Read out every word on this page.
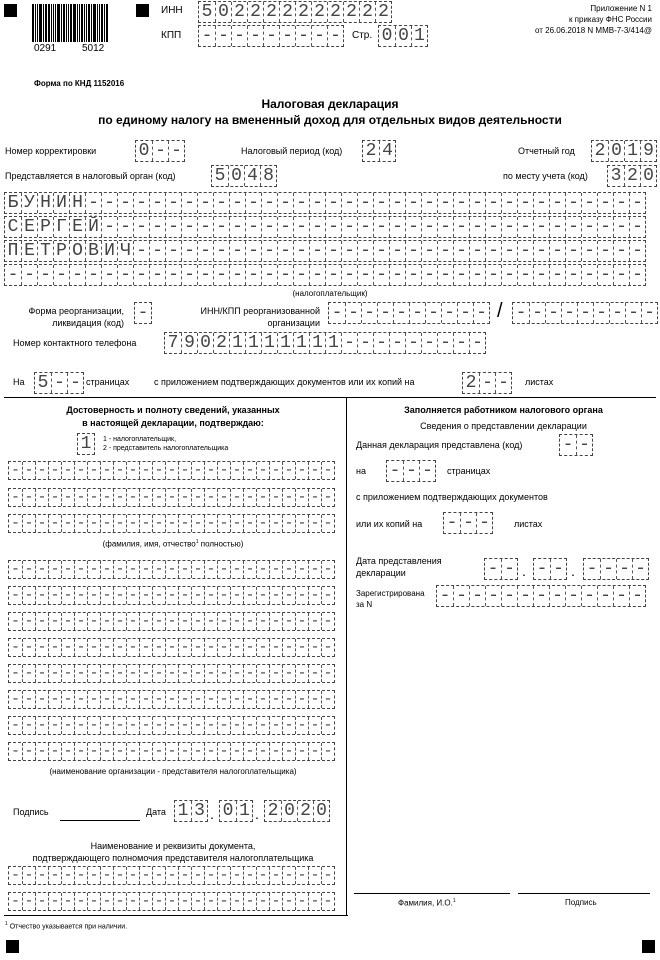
0291	5012
ИНН 5 0 2 2 2 2 2 2 2 2 2 2
КПП - - - - - - - - - Стр. 0 0 1
Приложение N 1
к приказу ФНС России
от 26.06.2018 N ММВ-7-3/414@
Форма по КНД 1152016
Налоговая декларация
по единому налогу на вмененный доход для отдельных видов деятельности
Номер корректировки 0 - -	Налоговый период (код) 2 4	Отчетный год 2 0 1 9
Представляется в налоговый орган (код) 5 0 4 8	по месту учета (код) 3 2 0
Б У Н И Н - - - - - - - - - - - - - - - - - - - - - - - - - - - - - - - - - - -
С Е Р Г Е Й - - - - - - - - - - - - - - - - - - - - - - - - - - - - - - - - - -
П Е Т Р О В И Ч - - - - - - - - - - - - - - - - - - - - - - - - - - - - - - - -
- - - - - - - - - - - - - - - - - - - - - - - - - - - - - - - - - - - - - - - -
(налогоплательщик)
Форма реорганизации,
ликвидация (код) -	ИНН/КПП реорганизованной
организации - - - - - - - - - - / - - - - - - - - -
Номер контактного телефона 7 9 0 2 1 1 1 1 1 1 1 - - - - - - - - -
На 5 - - страницах	с приложением подтверждающих документов или их копий на	2 - - листах
Достоверность и полноту сведений, указанных
в настоящей декларации, подтверждаю:
1	1 - налогоплательщик,
2 - представитель налогоплательщика
- - - - - - - - - - - - - - - - - - - - - - - - -
- - - - - - - - - - - - - - - - - - - - - - - - -
- - - - - - - - - - - - - - - - - - - - - - - - -
(фамилия, имя, отчество$^1$ полностью)
- - - - - - - - - - - - - - - - - - - - - - - - -
- - - - - - - - - - - - - - - - - - - - - - - - -
- - - - - - - - - - - - - - - - - - - - - - - - -
- - - - - - - - - - - - - - - - - - - - - - - - -
- - - - - - - - - - - - - - - - - - - - - - - - -
- - - - - - - - - - - - - - - - - - - - - - - - -
- - - - - - - - - - - - - - - - - - - - - - - - -
- - - - - - - - - - - - - - - - - - - - - - - - -
(наименование организации - представителя налогоплательщика)
Подпись	Дата 1 3 . 0 1 . 2 0 2 0
Наименование и реквизиты документа,
подтверждающего полномочия представителя налогоплательщика
- - - - - - - - - - - - - - - - - - - - - - - - -
- - - - - - - - - - - - - - - - - - - - - - - - -
Заполняется работником налогового органа
Сведения о представлении декларации
Данная декларация представлена (код) - -
на - - - страницах
с приложением подтверждающих документов
или их копий на - - -	листах
Дата представления
декларации	- - . - - . - - - -
Зарегистрирована
за N	- - - - - - - - - - - - -
Фамилия, И.О.$^1$	Подпись
$^1$ Отчество указывается при наличии.
